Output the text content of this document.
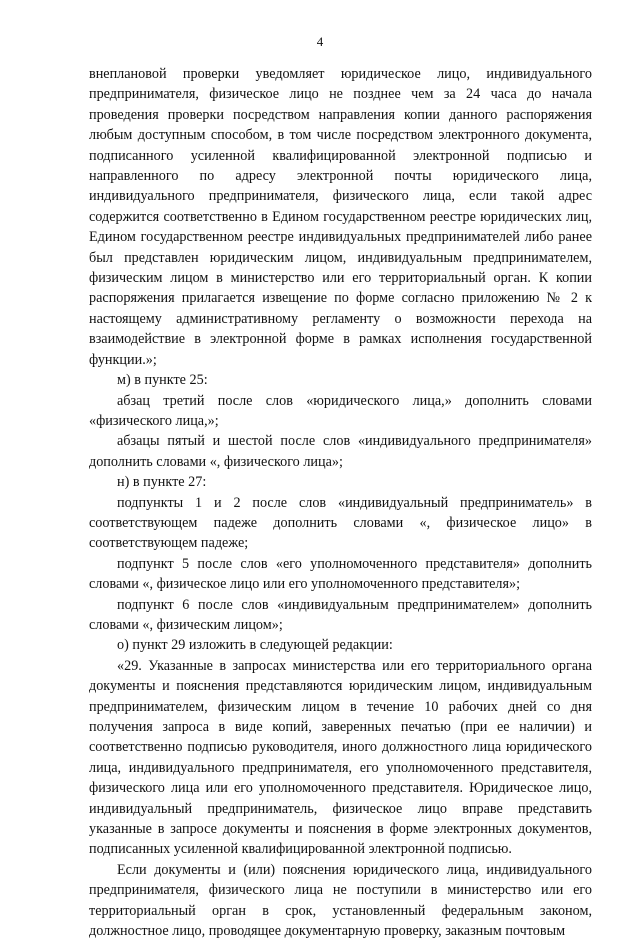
4

внеплановой проверки уведомляет юридическое лицо, индивидуального предпринимателя, физическое лицо не позднее чем за 24 часа до начала проведения проверки посредством направления копии данного распоряжения любым доступным способом, в том числе посредством электронного документа, подписанного усиленной квалифицированной электронной подписью и направленного по адресу электронной почты юридического лица, индивидуального предпринимателя, физического лица, если такой адрес содержится соответственно в Едином государственном реестре юридических лиц, Едином государственном реестре индивидуальных предпринимателей либо ранее был представлен юридическим лицом, индивидуальным предпринимателем, физическим лицом в министерство или его территориальный орган. К копии распоряжения прилагается извещение по форме согласно приложению № 2 к настоящему административному регламенту о возможности перехода на взаимодействие в электронной форме в рамках исполнения государственной функции.»;

м) в пункте 25:

абзац третий после слов «юридического лица,» дополнить словами «физического лица,»;

абзацы пятый и шестой после слов «индивидуального предпринимателя» дополнить словами «, физического лица»;

н) в пункте 27:

подпункты 1 и 2 после слов «индивидуальный предприниматель» в соответствующем падеже дополнить словами «, физическое лицо» в соответствующем падеже;

подпункт 5 после слов «его уполномоченного представителя» дополнить словами «, физическое лицо или его уполномоченного представителя»;

подпункт 6 после слов «индивидуальным предпринимателем» дополнить словами «, физическим лицом»;

о) пункт 29 изложить в следующей редакции:

«29. Указанные в запросах министерства или его территориального органа документы и пояснения представляются юридическим лицом, индивидуальным предпринимателем, физическим лицом в течение 10 рабочих дней со дня получения запроса в виде копий, заверенных печатью (при ее наличии) и соответственно подписью руководителя, иного должностного лица юридического лица, индивидуального предпринимателя, его уполномоченного представителя, физического лица или его уполномоченного представителя. Юридическое лицо, индивидуальный предприниматель, физическое лицо вправе представить указанные в запросе документы и пояснения в форме электронных документов, подписанных усиленной квалифицированной электронной подписью.

Если документы и (или) пояснения юридического лица, индивидуального предпринимателя, физического лица не поступили в министерство или его территориальный орган в срок, установленный федеральным законом, должностное лицо, проводящее документарную проверку, заказным почтовым
